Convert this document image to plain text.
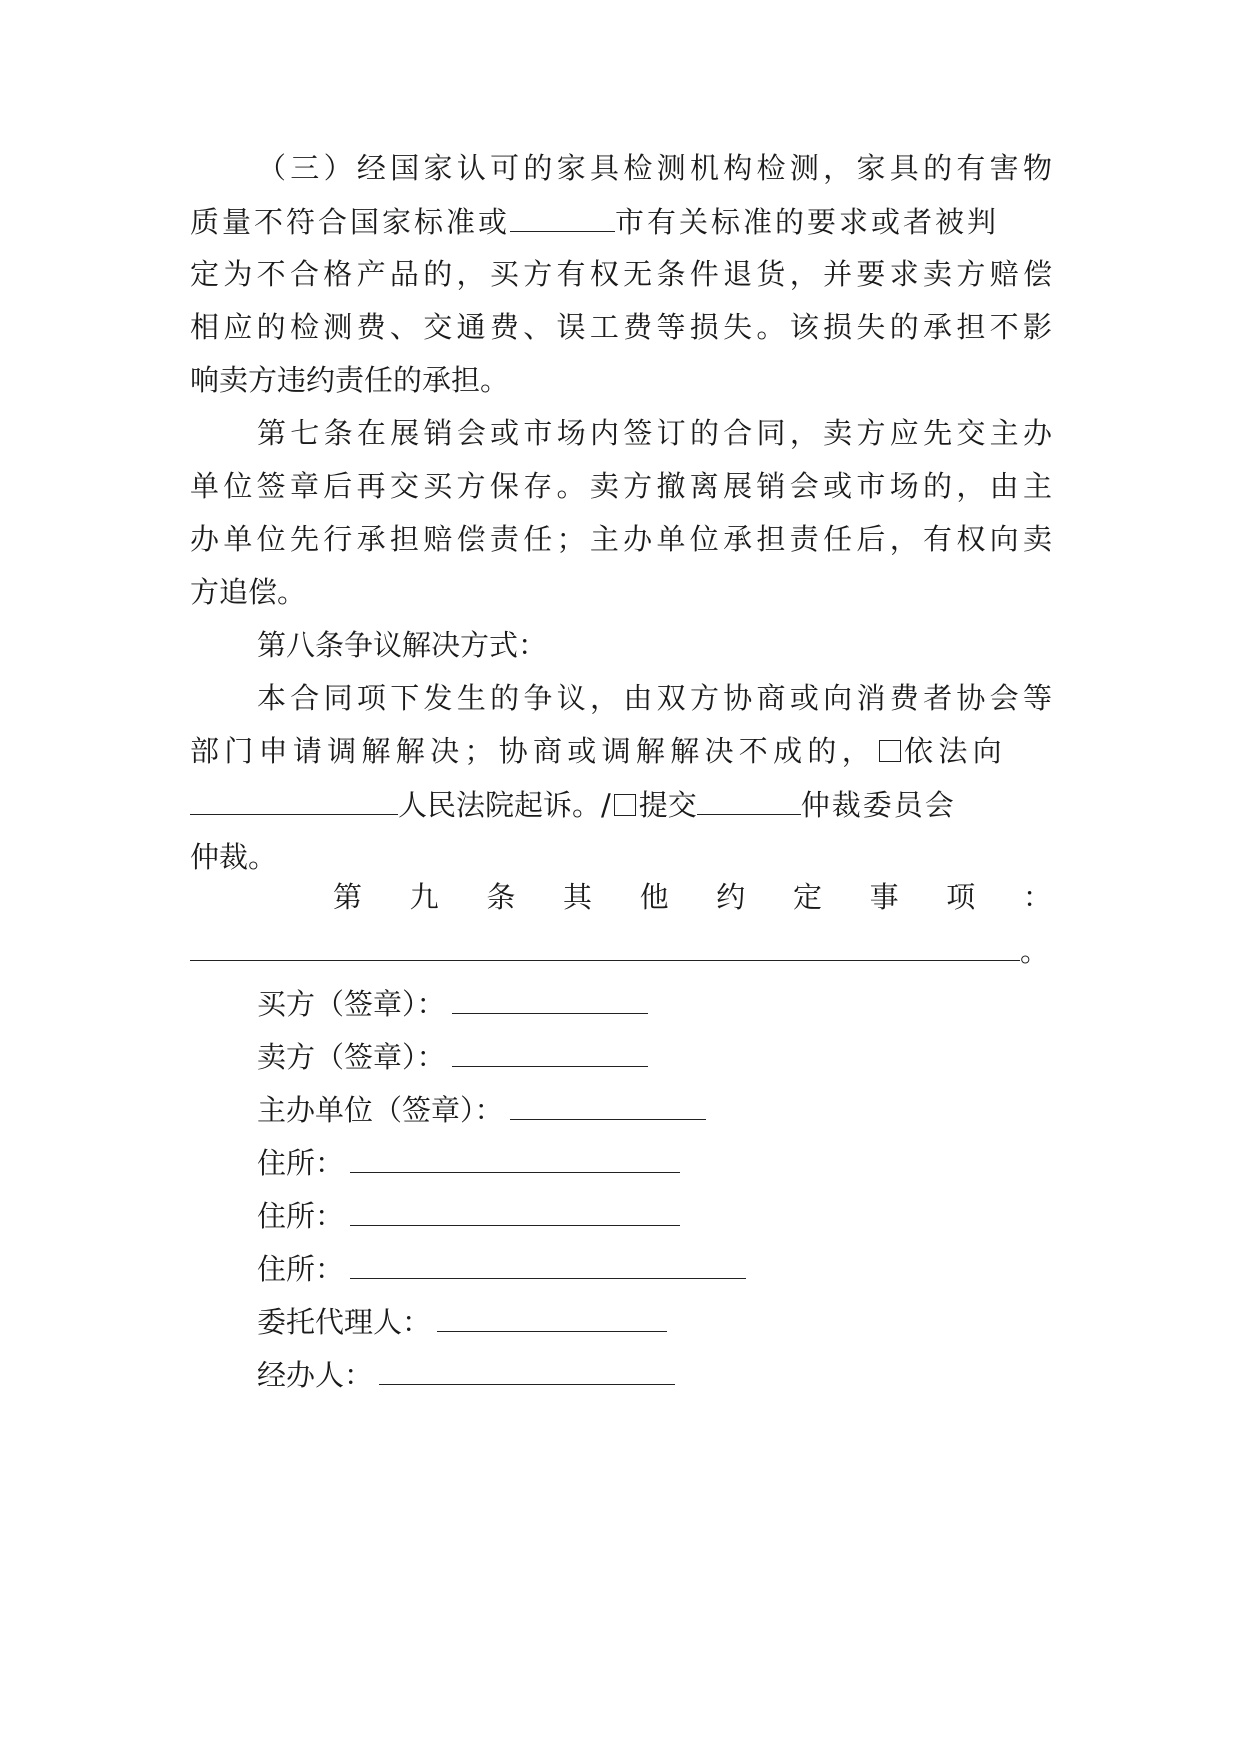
（三）经国家认可的家具检测机构检测，家具的有害物
质量不符合国家标准或	市有关标准的要求或者被判
定为不合格产品的，买方有权无条件退货，并要求卖方赔偿
相应的检测费、交通费、误工费等损失。该损失的承担不影
响卖方违约责任的承担。
第七条在展销会或市场内签订的合同，卖方应先交主办
单位签章后再交买方保存。卖方撤离展销会或市场的，由主
办单位先行承担赔偿责任；主办单位承担责任后，有权向卖
方追偿。
第八条争议解决方式：
本合同项下发生的争议，由双方协商或向消费者协会等
部门申请调解解决；协商或调解解决不成的， 依法向
人民法院起诉。/ 提交	仲裁委员会
仲裁。
第 九 条 其 他 约 定 事 项 ：
。
买方（签章）：
卖方（签章）：
主办单位（签章）：
住所：
住所：
住所：
委托代理人：
经办人：
